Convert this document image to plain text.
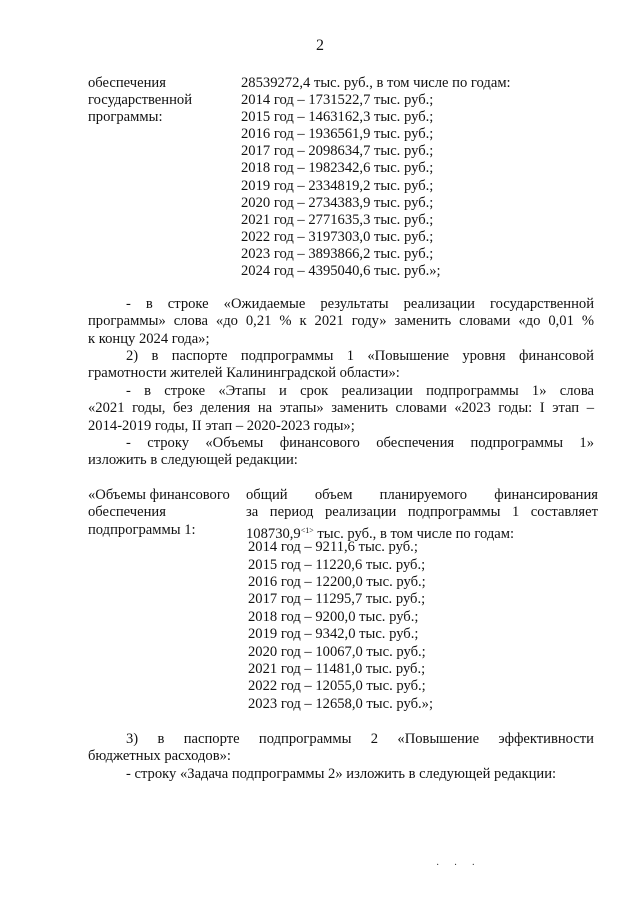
2
обеспечения
государственной
программы:
28539272,4 тыс. руб., в том числе по годам:
2014 год – 1731522,7 тыс. руб.;
2015 год – 1463162,3 тыс. руб.;
2016 год – 1936561,9 тыс. руб.;
2017 год – 2098634,7 тыс. руб.;
2018 год – 1982342,6 тыс. руб.;
2019 год – 2334819,2 тыс. руб.;
2020 год – 2734383,9 тыс. руб.;
2021 год – 2771635,3 тыс. руб.;
2022 год – 3197303,0 тыс. руб.;
2023 год – 3893866,2 тыс. руб.;
2024 год – 4395040,6 тыс. руб.»;
- в строке «Ожидаемые результаты реализации государственной
программы» слова «до 0,21 % к 2021 году» заменить словами «до 0,01 %
к концу 2024 года»;
2) в паспорте подпрограммы 1 «Повышение уровня финансовой
грамотности жителей Калининградской области»:
- в строке «Этапы и срок реализации подпрограммы 1» слова
«2021 годы, без деления на этапы» заменить словами «2023 годы: I этап –
2014-2019 годы, II этап – 2020-2023 годы»;
- строку «Объемы финансового обеспечения подпрограммы 1»
изложить в следующей редакции:
«Объемы финансового
обеспечения
подпрограммы 1:
общий объем планируемого финансирования
за период реализации подпрограммы 1 составляет
$108730,9^{<1>}$ тыс. руб., в том числе по годам:
2014 год – 9211,6 тыс. руб.;
2015 год – 11220,6 тыс. руб.;
2016 год – 12200,0 тыс. руб.;
2017 год – 11295,7 тыс. руб.;
2018 год – 9200,0 тыс. руб.;
2019 год – 9342,0 тыс. руб.;
2020 год – 10067,0 тыс. руб.;
2021 год – 11481,0 тыс. руб.;
2022 год – 12055,0 тыс. руб.;
2023 год – 12658,0 тыс. руб.»;
3) в паспорте подпрограммы 2 «Повышение эффективности
бюджетных расходов»:
- строку «Задача подпрограммы 2» изложить в следующей редакции:
· · ·
